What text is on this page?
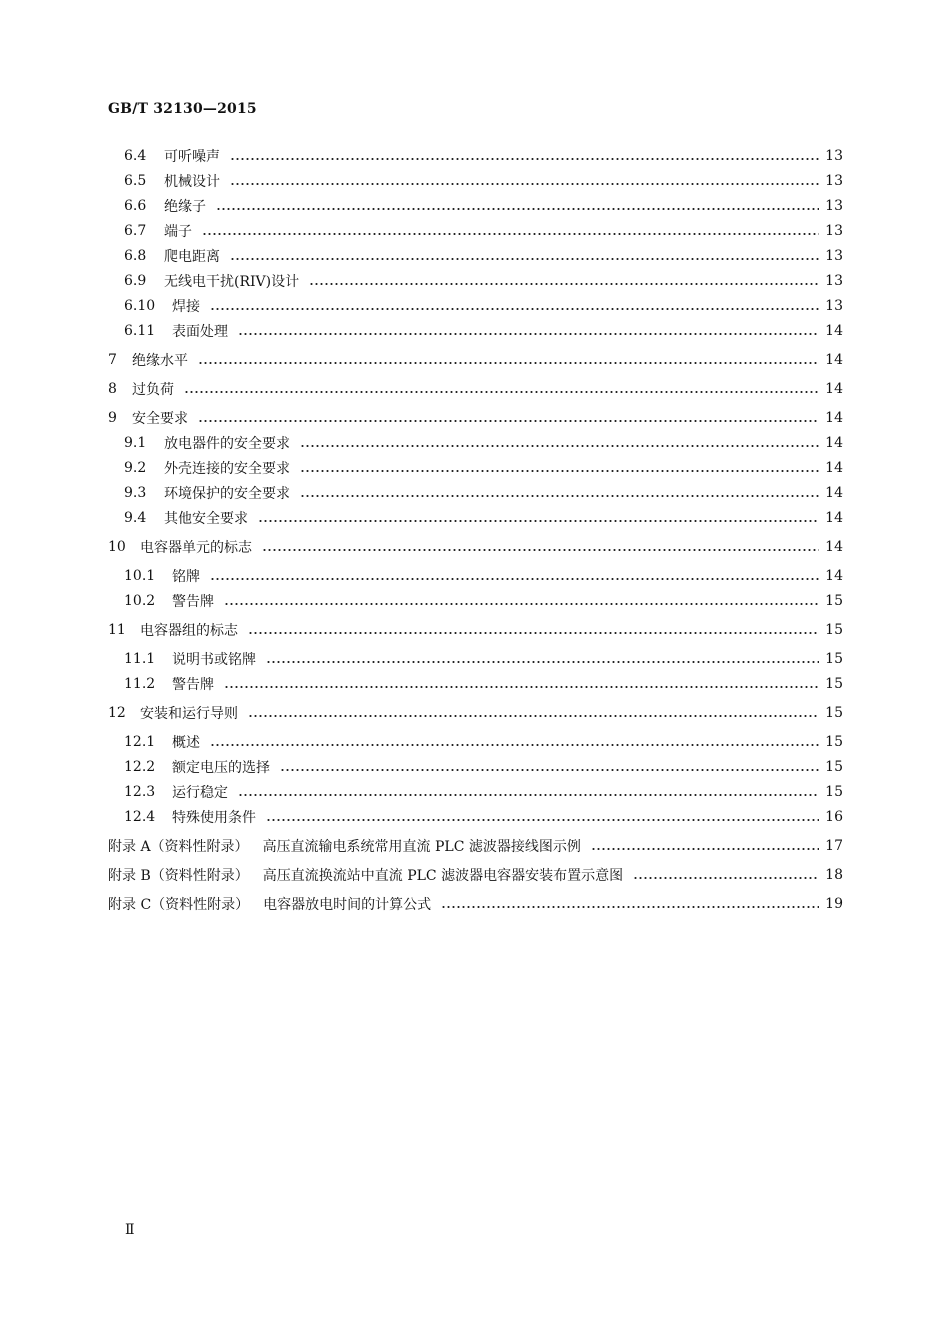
GB/T 32130—2015
6.4	可听噪声	13
6.5	机械设计	13
6.6	绝缘子	13
6.7	端子	13
6.8	爬电距离	13
6.9	无线电干扰(RIV)设计	13
6.10	焊接	13
6.11	表面处理	14
7	绝缘水平	14
8	过负荷	14
9	安全要求	14
9.1	放电器件的安全要求	14
9.2	外壳连接的安全要求	14
9.3	环境保护的安全要求	14
9.4	其他安全要求	14
10	电容器单元的标志	14
10.1	铭牌	14
10.2	警告牌	15
11	电容器组的标志	15
11.1	说明书或铭牌	15
11.2	警告牌	15
12	安装和运行导则	15
12.1	概述	15
12.2	额定电压的选择	15
12.3	运行稳定	15
12.4	特殊使用条件	16
附录 A（资料性附录）	高压直流输电系统常用直流 PLC 滤波器接线图示例	17
附录 B（资料性附录）	高压直流换流站中直流 PLC 滤波器电容器安装布置示意图	18
附录 C（资料性附录）	电容器放电时间的计算公式	19
Ⅱ
